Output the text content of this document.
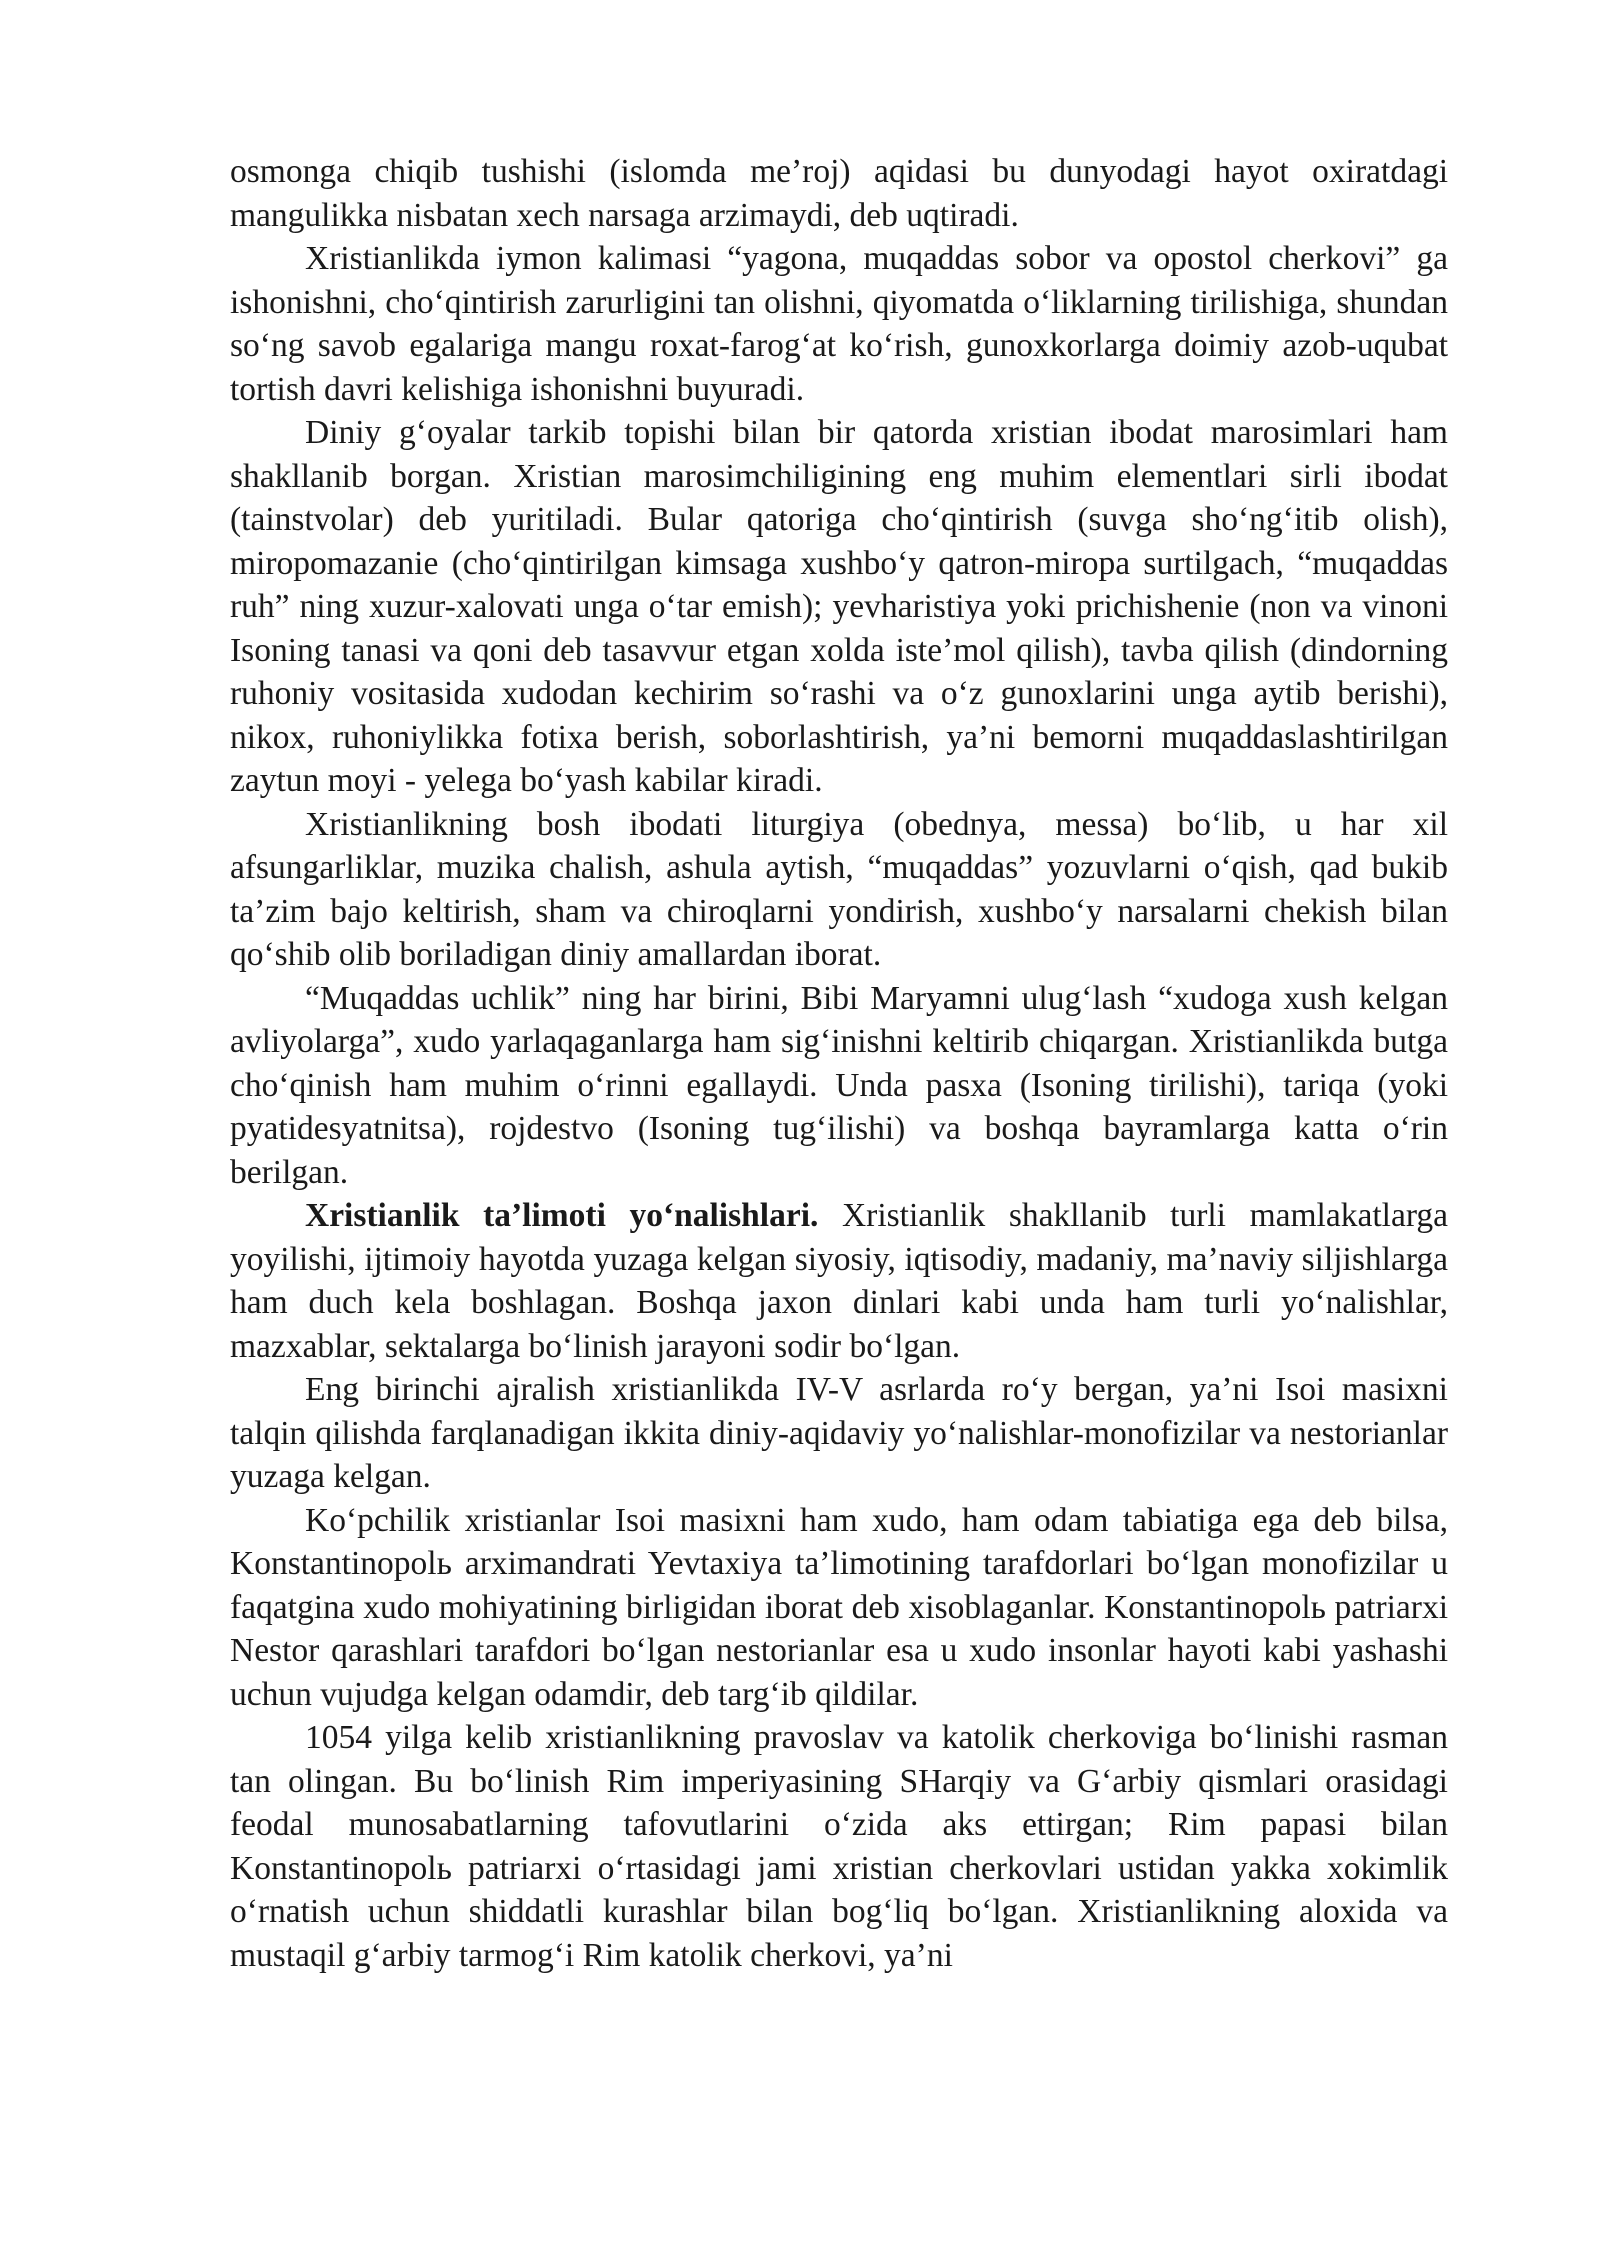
osmonga chiqib tushishi (islomda me’roj) aqidasi bu dunyodagi hayot oxiratdagi mangulikka nisbatan xech narsaga arzimaydi, deb uqtiradi.

Xristianlikda iymon kalimasi “yagona, muqaddas sobor va opostol cherkovi” ga ishonishni, cho‘qintirish zarurligini tan olishni, qiyomatda o‘liklarning tirilishiga, shundan so‘ng savob egalariga mangu roxat-farog‘at ko‘rish, gunoxkorlarga doimiy azob-uqubat tortish davri kelishiga ishonishni buyuradi.

Diniy g‘oyalar tarkib topishi bilan bir qatorda xristian ibodat marosimlari ham shakllanib borgan. Xristian marosimchiligining eng muhim elementlari sirli ibodat (tainstvolar) deb yuritiladi. Bular qatoriga cho‘qintirish (suvga sho‘ng‘itib olish), miropomazanie (cho‘qintirilgan kimsaga xushbo‘y qatron-miropa surtilgach, “muqaddas ruh” ning xuzur-xalovati unga o‘tar emish); yevharistiya yoki prichishenie (non va vinoni Isoning tanasi va qoni deb tasavvur etgan xolda iste’mol qilish), tavba qilish (dindorning ruhoniy vositasida xudodan kechirim so‘rashi va o‘z gunoxlarini unga aytib berishi), nikox, ruhoniylikka fotixa berish, soborlashtirish, ya’ni bemorni muqaddaslashtirilgan zaytun moyi - yelega bo‘yash kabilar kiradi.

Xristianlikning bosh ibodati liturgiya (obednya, messa) bo‘lib, u har xil afsungarliklar, muzika chalish, ashula aytish, “muqaddas” yozuvlarni o‘qish, qad bukib ta’zim bajo keltirish, sham va chiroqlarni yondirish, xushbo‘y narsalarni chekish bilan qo‘shib olib boriladigan diniy amallardan iborat.

“Muqaddas uchlik” ning har birini, Bibi Maryamni ulug‘lash “xudoga xush kelgan avliyolarga”, xudo yarlaqaganlarga ham sig‘inishni keltirib chiqargan. Xristianlikda butga cho‘qinish ham muhim o‘rinni egallaydi. Unda pasxa (Isoning tirilishi), tariqa (yoki pyatidesyatnitsa), rojdestvo (Isoning tug‘ilishi) va boshqa bayramlarga katta o‘rin berilgan.

Xristianlik ta’limoti yo‘nalishlari. Xristianlik shakllanib turli mamlakatlarga yoyilishi, ijtimoiy hayotda yuzaga kelgan siyosiy, iqtisodiy, madaniy, ma’naviy siljishlarga ham duch kela boshlagan. Boshqa jaxon dinlari kabi unda ham turli yo‘nalishlar, mazxablar, sektalarga bo‘linish jarayoni sodir bo‘lgan.

Eng birinchi ajralish xristianlikda IV-V asrlarda ro‘y bergan, ya’ni Isoi masixni talqin qilishda farqlanadigan ikkita diniy-aqidaviy yo‘nalishlar-monofizilar va nestorianlar yuzaga kelgan.

Ko‘pchilik xristianlar Isoi masixni ham xudo, ham odam tabiatiga ega deb bilsa, Konstantinopolь arximandrati Yevtaxiya ta’limotining tarafdorlari bo‘lgan monofizilar u faqatgina xudo mohiyatining birligidan iborat deb xisoblaganlar. Konstantinopolь patriarxi Nestor qarashlari tarafdori bo‘lgan nestorianlar esa u xudo insonlar hayoti kabi yashashi uchun vujudga kelgan odamdir, deb targ‘ib qildilar.

1054 yilga kelib xristianlikning pravoslav va katolik cherkoviga bo‘linishi rasman tan olingan. Bu bo‘linish Rim imperiyasining SHarqiy va G‘arbiy qismlari orasidagi feodal munosabatlarning tafovutlarini o‘zida aks ettirgan; Rim papasi bilan Konstantinopolь patriarxi o‘rtasidagi jami xristian cherkovlari ustidan yakka xokimlik o‘rnatish uchun shiddatli kurashlar bilan bog‘liq bo‘lgan. Xristianlikning aloxida va mustaqil g‘arbiy tarmog‘i Rim katolik cherkovi, ya’ni
